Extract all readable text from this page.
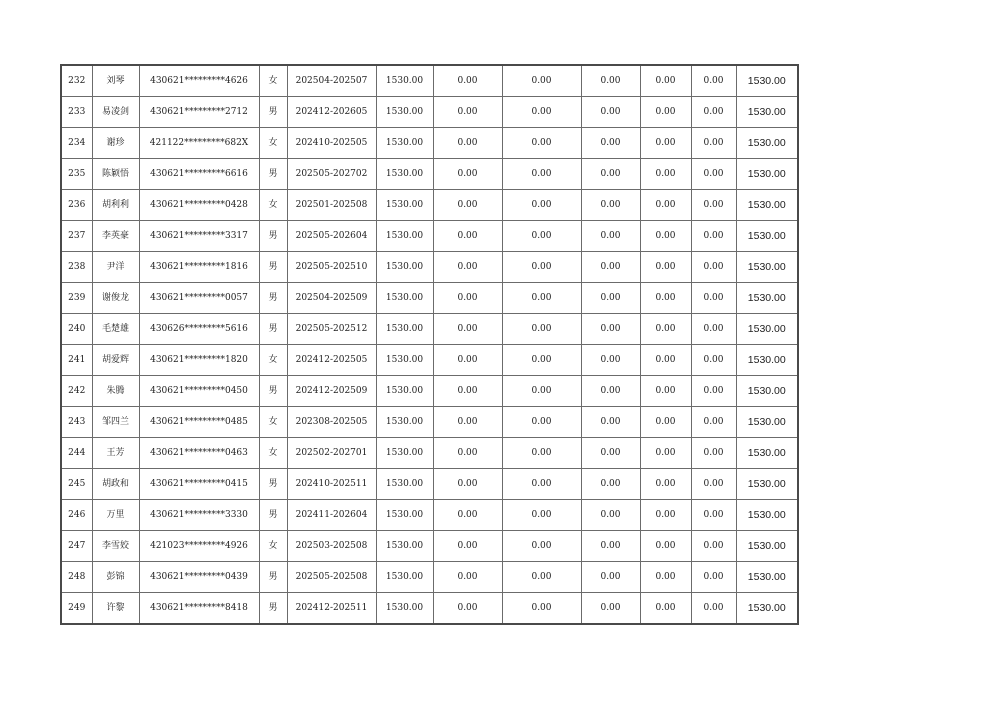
232	刘琴	430621*********4626	女	202504-202507	1530.00	0.00	0.00	0.00	0.00	0.00	1530.00
233	易凌剑	430621*********2712	男	202412-202605	1530.00	0.00	0.00	0.00	0.00	0.00	1530.00
234	谢珍	421122*********682X	女	202410-202505	1530.00	0.00	0.00	0.00	0.00	0.00	1530.00
235	陈颖悟	430621*********6616	男	202505-202702	1530.00	0.00	0.00	0.00	0.00	0.00	1530.00
236	胡利利	430621*********0428	女	202501-202508	1530.00	0.00	0.00	0.00	0.00	0.00	1530.00
237	李英豪	430621*********3317	男	202505-202604	1530.00	0.00	0.00	0.00	0.00	0.00	1530.00
238	尹洋	430621*********1816	男	202505-202510	1530.00	0.00	0.00	0.00	0.00	0.00	1530.00
239	谢俊龙	430621*********0057	男	202504-202509	1530.00	0.00	0.00	0.00	0.00	0.00	1530.00
240	毛楚雄	430626*********5616	男	202505-202512	1530.00	0.00	0.00	0.00	0.00	0.00	1530.00
241	胡爱辉	430621*********1820	女	202412-202505	1530.00	0.00	0.00	0.00	0.00	0.00	1530.00
242	朱腾	430621*********0450	男	202412-202509	1530.00	0.00	0.00	0.00	0.00	0.00	1530.00
243	邹四兰	430621*********0485	女	202308-202505	1530.00	0.00	0.00	0.00	0.00	0.00	1530.00
244	王芳	430621*********0463	女	202502-202701	1530.00	0.00	0.00	0.00	0.00	0.00	1530.00
245	胡政和	430621*********0415	男	202410-202511	1530.00	0.00	0.00	0.00	0.00	0.00	1530.00
246	万里	430621*********3330	男	202411-202604	1530.00	0.00	0.00	0.00	0.00	0.00	1530.00
247	李雪姣	421023*********4926	女	202503-202508	1530.00	0.00	0.00	0.00	0.00	0.00	1530.00
248	彭锦	430621*********0439	男	202505-202508	1530.00	0.00	0.00	0.00	0.00	0.00	1530.00
249	许黎	430621*********8418	男	202412-202511	1530.00	0.00	0.00	0.00	0.00	0.00	1530.00
